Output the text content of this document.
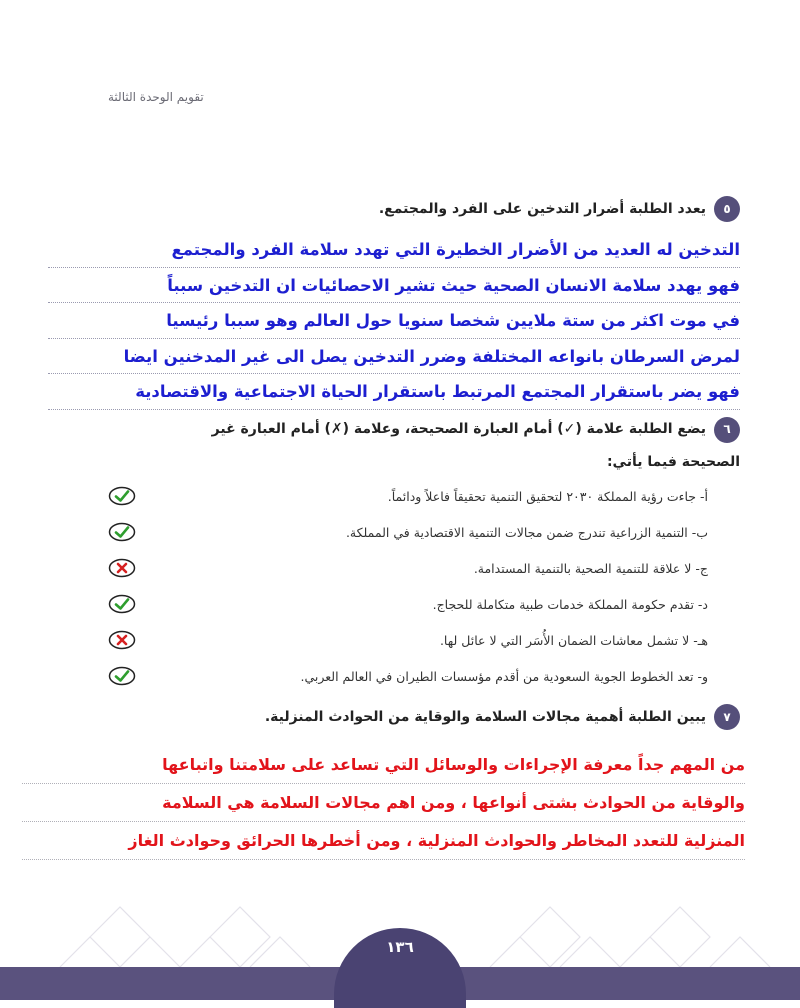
تقويم الوحدة الثالثة
٥
يعدد الطلبة أضرار التدخين على الفرد والمجتمع.
التدخين له العديد من الأضرار الخطيرة التي تهدد سلامة الفرد والمجتمع
فهو يهدد سلامة الانسان الصحية حيث تشير الاحصائيات ان التدخين سبباً
في موت اكثر من ستة ملايين شخصا سنويا حول العالم وهو سببا رئيسيا
لمرض السرطان بانواعه المختلفة وضرر التدخين يصل الى غير المدخنين ايضا
فهو يضر باستقرار المجتمع المرتبط باستقرار الحياة الاجتماعية والاقتصادية
٦
يضع الطلبة علامة (✓) أمام العبارة الصحيحة، وعلامة (✗) أمام العبارة غير
الصحيحة فيما يأتي:
أ- جاءت رؤية المملكة ٢٠٣٠ لتحقيق التنمية تحقيقاً فاعلاً ودائماً.
ب- التنمية الزراعية تندرج ضمن مجالات التنمية الاقتصادية في المملكة.
ج- لا علاقة للتنمية الصحية بالتنمية المستدامة.
د- تقدم حكومة المملكة خدمات طبية متكاملة للحجاج.
هـ- لا تشمل معاشات الضمان الأُسَر التي لا عائل لها.
و- تعد الخطوط الجوية السعودية من أقدم مؤسسات الطيران في العالم العربي.
٧
يبين الطلبة أهمية مجالات السلامة والوقاية من الحوادث المنزلية.
من المهم جداً معرفة الإجراءات والوسائل التي تساعد على سلامتنا واتباعها
والوقاية من الحوادث بشتى أنواعها ، ومن اهم مجالات السلامة هي السلامة
المنزلية للتعدد المخاطر والحوادث المنزلية ، ومن أخطرها الحرائق وحوادث الغاز
١٣٦
